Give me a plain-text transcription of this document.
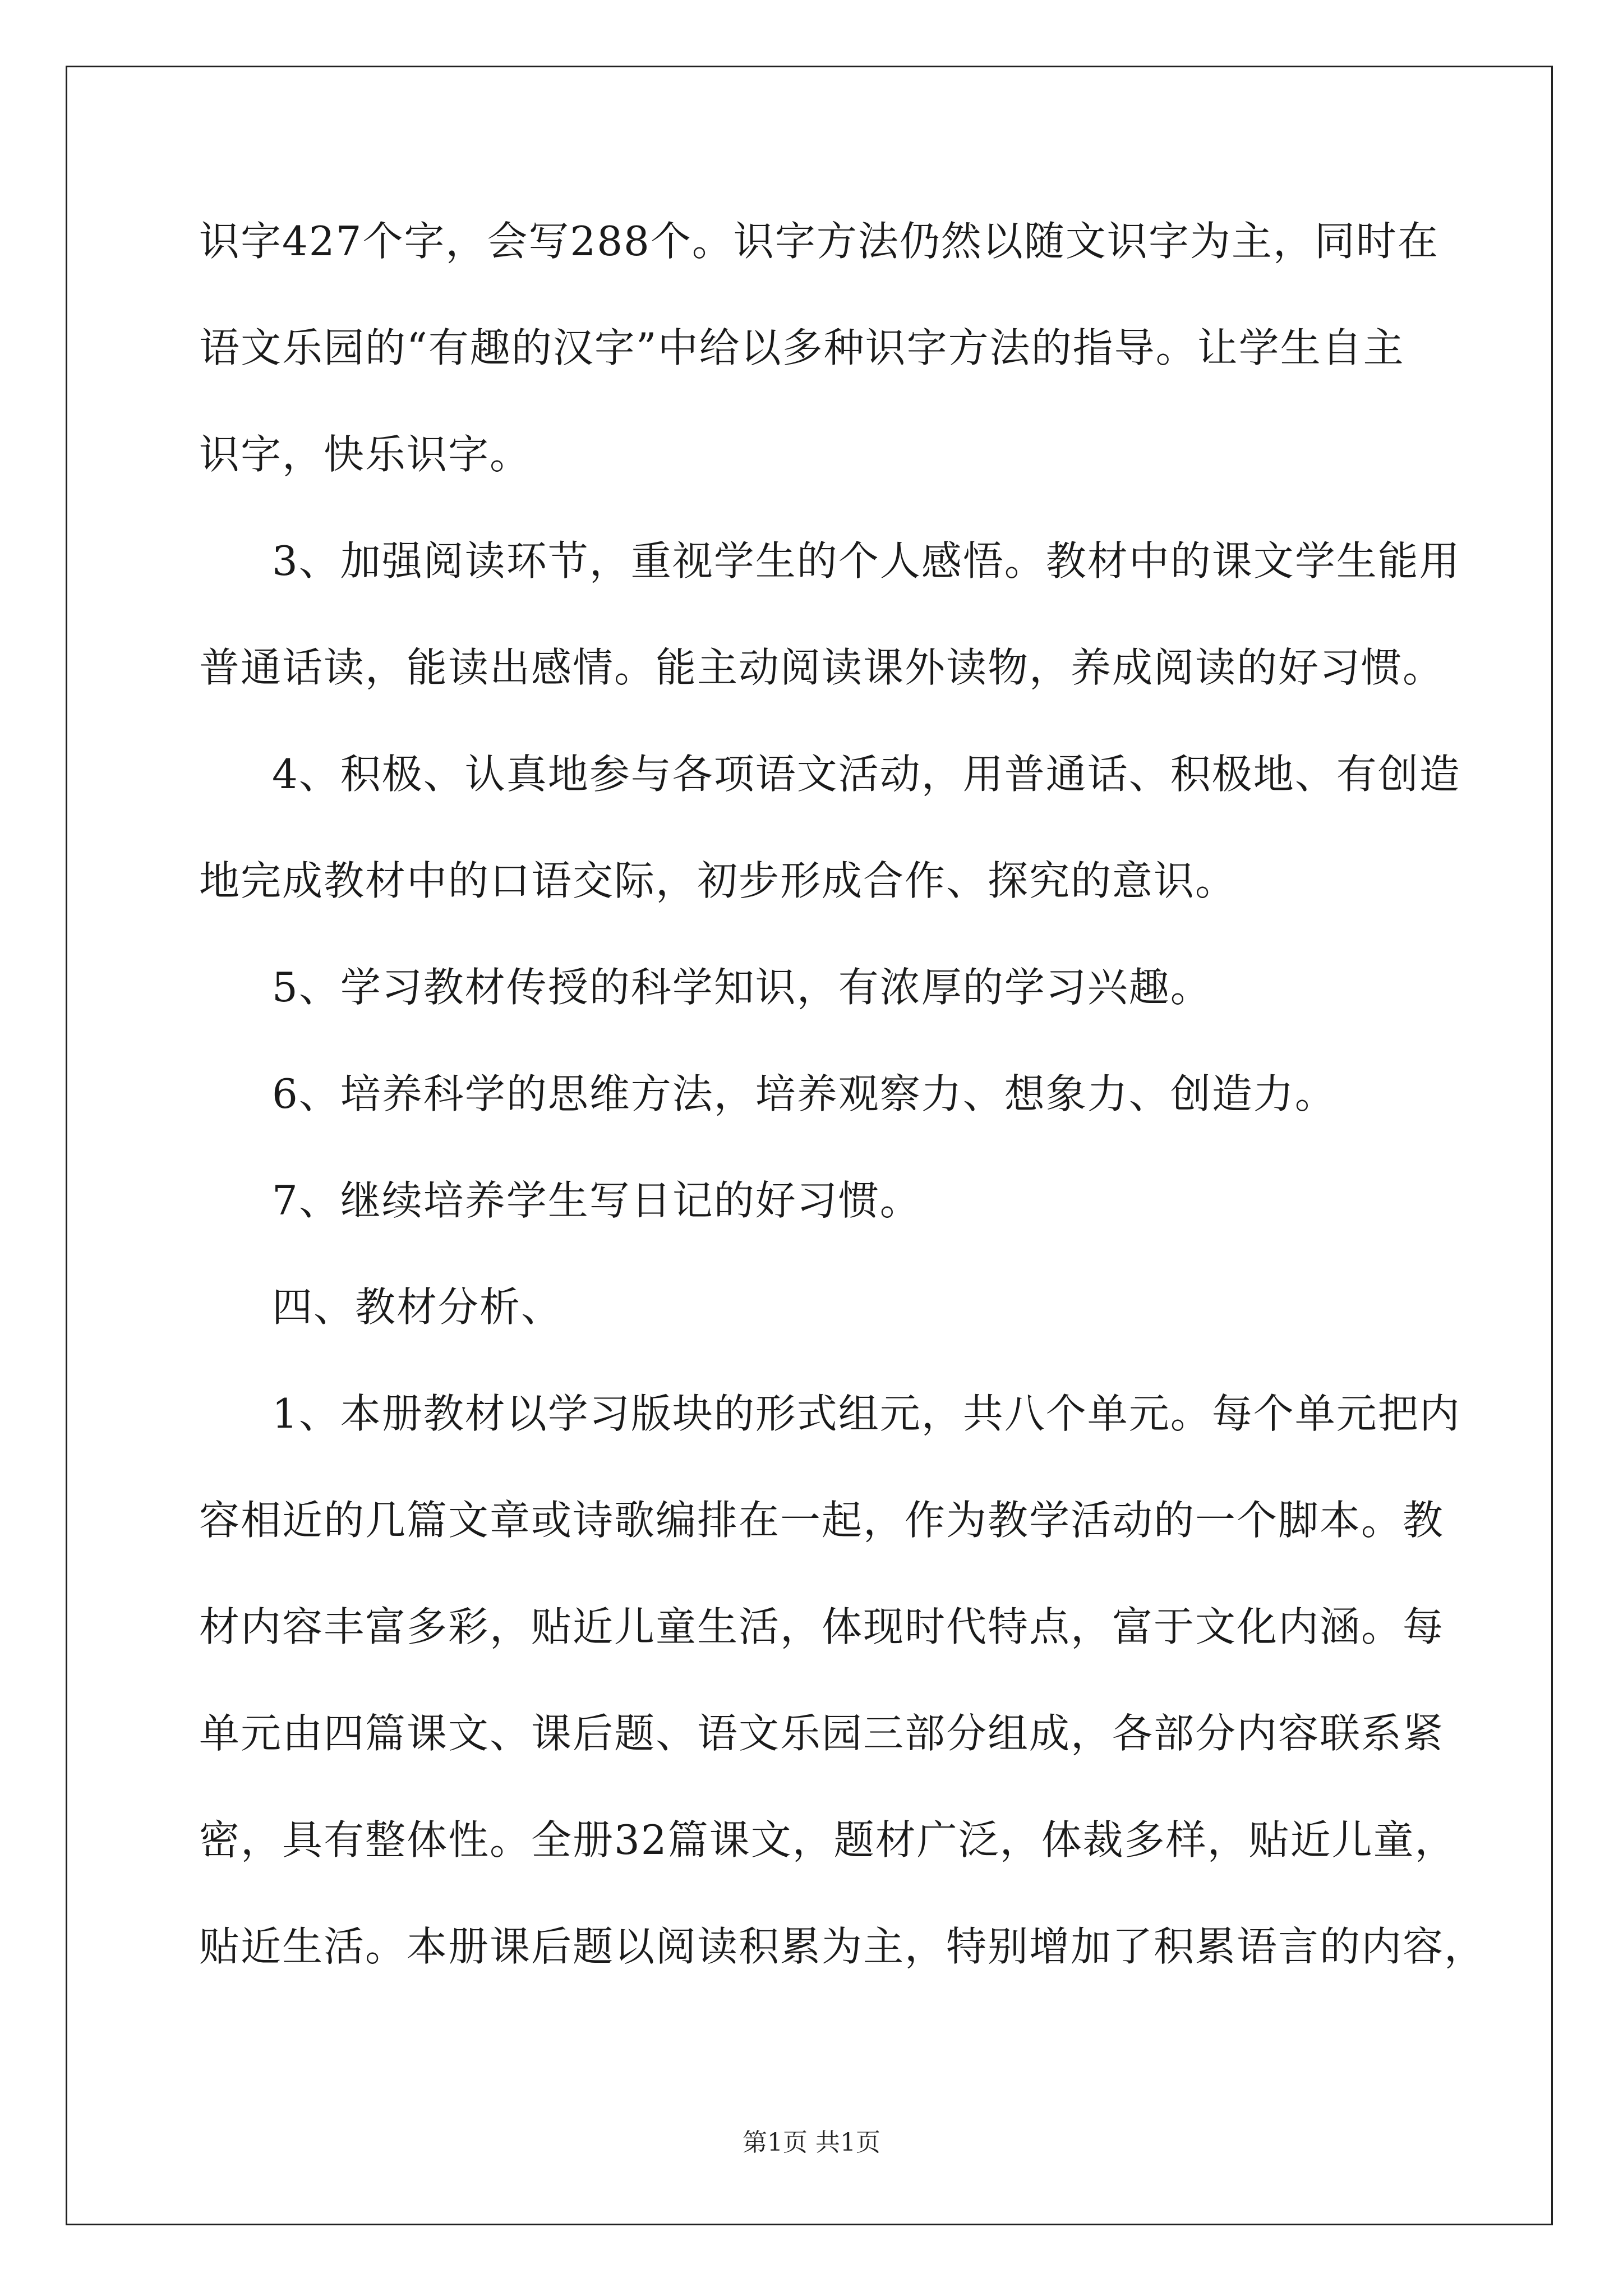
识字427个字，会写288个。识字方法仍然以随文识字为主，同时在
语文乐园的“有趣的汉字”中给以多种识字方法的指导。让学生自主
识字，快乐识字。
3、加强阅读环节，重视学生的个人感悟。教材中的课文学生能用
普通话读，能读出感情。能主动阅读课外读物，养成阅读的好习惯。
4、积极、认真地参与各项语文活动，用普通话、积极地、有创造
地完成教材中的口语交际，初步形成合作、探究的意识。
5、学习教材传授的科学知识，有浓厚的学习兴趣。
6、培养科学的思维方法，培养观察力、想象力、创造力。
7、继续培养学生写日记的好习惯。
四、教材分析、
1、本册教材以学习版块的形式组元，共八个单元。每个单元把内
容相近的几篇文章或诗歌编排在一起，作为教学活动的一个脚本。教
材内容丰富多彩，贴近儿童生活，体现时代特点，富于文化内涵。每
单元由四篇课文、课后题、语文乐园三部分组成，各部分内容联系紧
密，具有整体性。全册32篇课文，题材广泛，体裁多样，贴近儿童，
贴近生活。本册课后题以阅读积累为主，特别增加了积累语言的内容，
第1页 共1页
